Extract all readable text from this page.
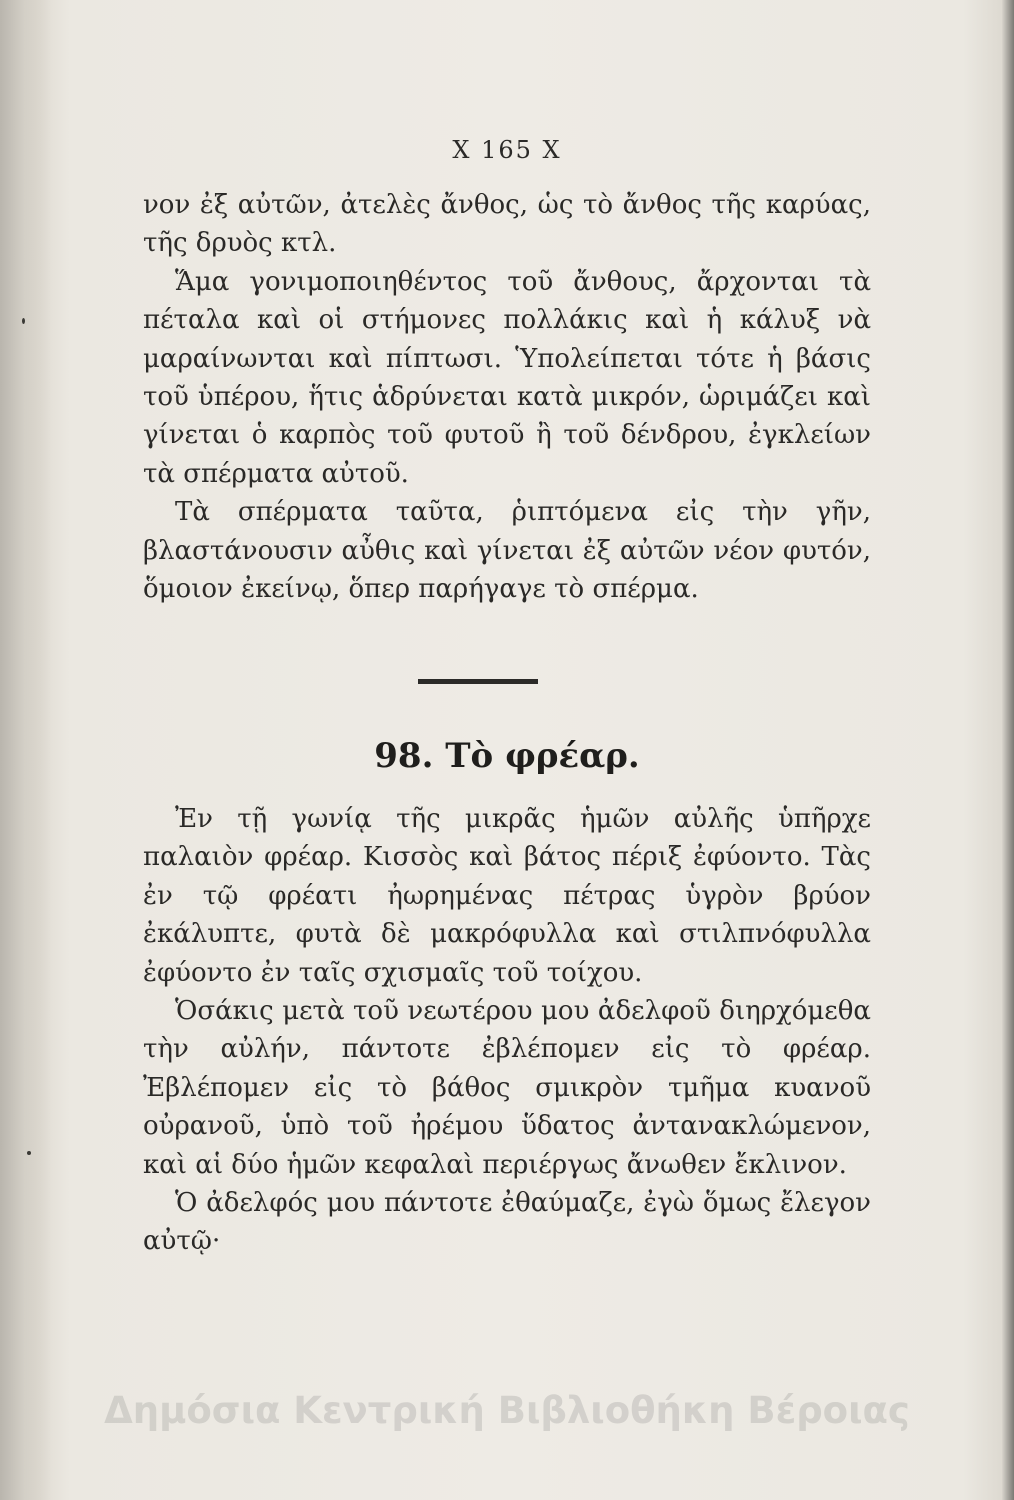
Χ 165 Χ

νον ἐξ αὐτῶν, ἀτελὲς ἄνθος, ὡς τὸ ἄνθος τῆς καρύας, τῆς δρυὸς κτλ.

Ἅμα γονιμοποιηθέντος τοῦ ἄνθους, ἄρχονται τὰ πέταλα καὶ οἱ στήμονες πολλάκις καὶ ἡ κάλυξ νὰ μαραίνωνται καὶ πίπτωσι. Ὑπολείπεται τότε ἡ βάσις τοῦ ὑπέρου, ἥτις ἁδρύνεται κατὰ μικρόν, ὡριμάζει καὶ γίνεται ὁ καρπὸς τοῦ φυτοῦ ἢ τοῦ δένδρου, ἐγκλείων τὰ σπέρματα αὐτοῦ.

Τὰ σπέρματα ταῦτα, ῥιπτόμενα εἰς τὴν γῆν, βλαστάνουσιν αὖθις καὶ γίνεται ἐξ αὐτῶν νέον φυτόν, ὅμοιον ἐκείνῳ, ὅπερ παρήγαγε τὸ σπέρμα.

98. Τὸ φρέαρ.

Ἐν τῇ γωνίᾳ τῆς μικρᾶς ἡμῶν αὐλῆς ὑπῆρχε παλαιὸν φρέαρ. Κισσὸς καὶ βάτος πέριξ ἐφύοντο. Τὰς ἐν τῷ φρέατι ἠωρημένας πέτρας ὑγρὸν βρύον ἐκάλυπτε, φυτὰ δὲ μακρόφυλλα καὶ στιλπνόφυλλα ἐφύοντο ἐν ταῖς σχισμαῖς τοῦ τοίχου.

Ὁσάκις μετὰ τοῦ νεωτέρου μου ἀδελφοῦ διηρχόμεθα τὴν αὐλήν, πάντοτε ἐβλέπομεν εἰς τὸ φρέαρ. Ἐβλέπομεν εἰς τὸ βάθος σμικρὸν τμῆμα κυανοῦ οὐρανοῦ, ὑπὸ τοῦ ἠρέμου ὕδατος ἀντανακλώμενον, καὶ αἱ δύο ἡμῶν κεφαλαὶ περιέργως ἄνωθεν ἔκλινον.

Ὁ ἀδελφός μου πάντοτε ἐθαύμαζε, ἐγὼ ὅμως ἔλεγον αὐτῷ·

Δημόσια Κεντρική Βιβλιοθήκη Βέροιας
